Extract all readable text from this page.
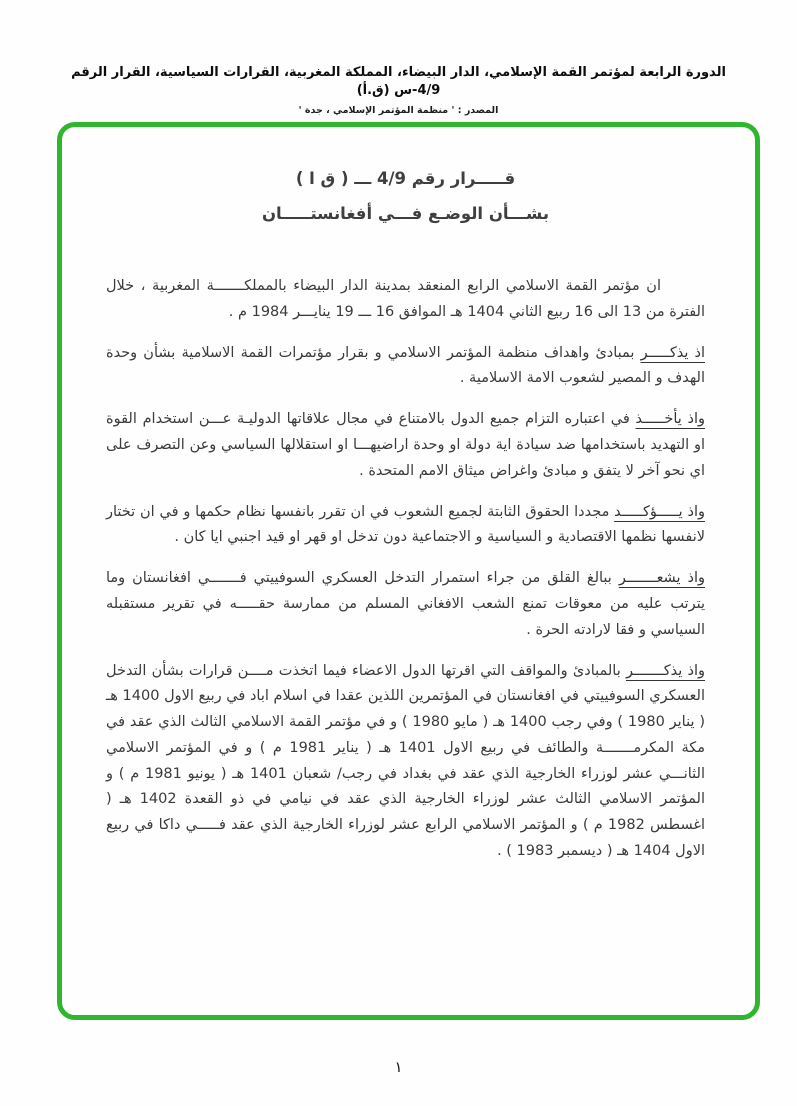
الدورة الرابعة لمؤتمر القمة الإسلامي، الدار البيضاء، المملكة المغربية، القرارات السياسية، القرار الرقم 4/9-س (ق.أ)
المصدر : ' منظمة المؤتمر الإسلامي ، جدة '
قـــــرار رقم 4/9 ـــ ( ق ا )
بشـــأن الوضـع فـــي أفغانستـــــان

ان مؤتمر القمة الاسلامي الرابع المنعقد بمدينة الدار البيضاء بالمملكـــــــة المغربية ، خلال الفترة من 13 الى 16 ربيع الثاني 1404 هـ الموافق 16 ـــ 19 ينايـــر 1984 م .

اذ يذكـــــر بمبادئ واهداف منظمة المؤتمر الاسلامي و بقرار مؤتمرات القمة الاسلامية بشأن وحدة الهدف و المصير لشعوب الامة الاسلامية .

واذ يأخـــــذ في اعتباره التزام جميع الدول بالامتناع في مجال علاقاتها الدوليـة عـــن استخدام القوة او التهديد باستخدامها ضد سيادة اية دولة او وحدة اراضيهـــا او استقلالها السياسي وعن التصرف على اي نحو آخر لا يتفق و مبادئ واغراض ميثاق الامم المتحدة .

واذ يـــــؤكـــــد مجددا الحقوق الثابتة لجميع الشعوب في ان تقرر بانفسها نظام حكمها و في ان تختار لانفسها نظمها الاقتصادية و السياسية و الاجتماعية دون تدخل او قهر او قيد اجنبي ايا كان .

واذ يشعـــــــر ببالغ القلق من جراء استمرار التدخل العسكري السوفييتي فـــــــي افغانستان وما يترتب عليه من معوقات تمنع الشعب الافغاني المسلم من ممارسة حقـــــه في تقرير مستقبله السياسي و فقا لارادته الحرة .

واذ يذكـــــــر بالمبادئ والمواقف التي اقرتها الدول الاعضاء فيما اتخذت مــــن قرارات بشأن التدخل العسكري السوفييتي في افغانستان في المؤتمرين اللذين عقدا في اسلام اباد في ربيع الاول 1400 هـ ( يناير 1980 ) وفي رجب 1400 هـ ( مايو 1980 ) و في مؤتمر القمة الاسلامي الثالث الذي عقد في مكة المكرمـــــــة والطائف في ربيع الاول 1401 هـ ( يناير 1981 م ) و في المؤتمر الاسلامي الثانـــي عشر لوزراء الخارجية الذي عقد في بغداد في رجب/ شعبان 1401 هـ ( يونيو 1981 م ) و المؤتمر الاسلامي الثالث عشر لوزراء الخارجية الذي عقد في نيامي في ذو القعدة 1402 هـ ( اغسطس 1982 م ) و المؤتمر الاسلامي الرابع عشر لوزراء الخارجية الذي عقد فـــــي داكا في ربيع الاول 1404 هـ ( ديسمبر 1983 ) .

١
